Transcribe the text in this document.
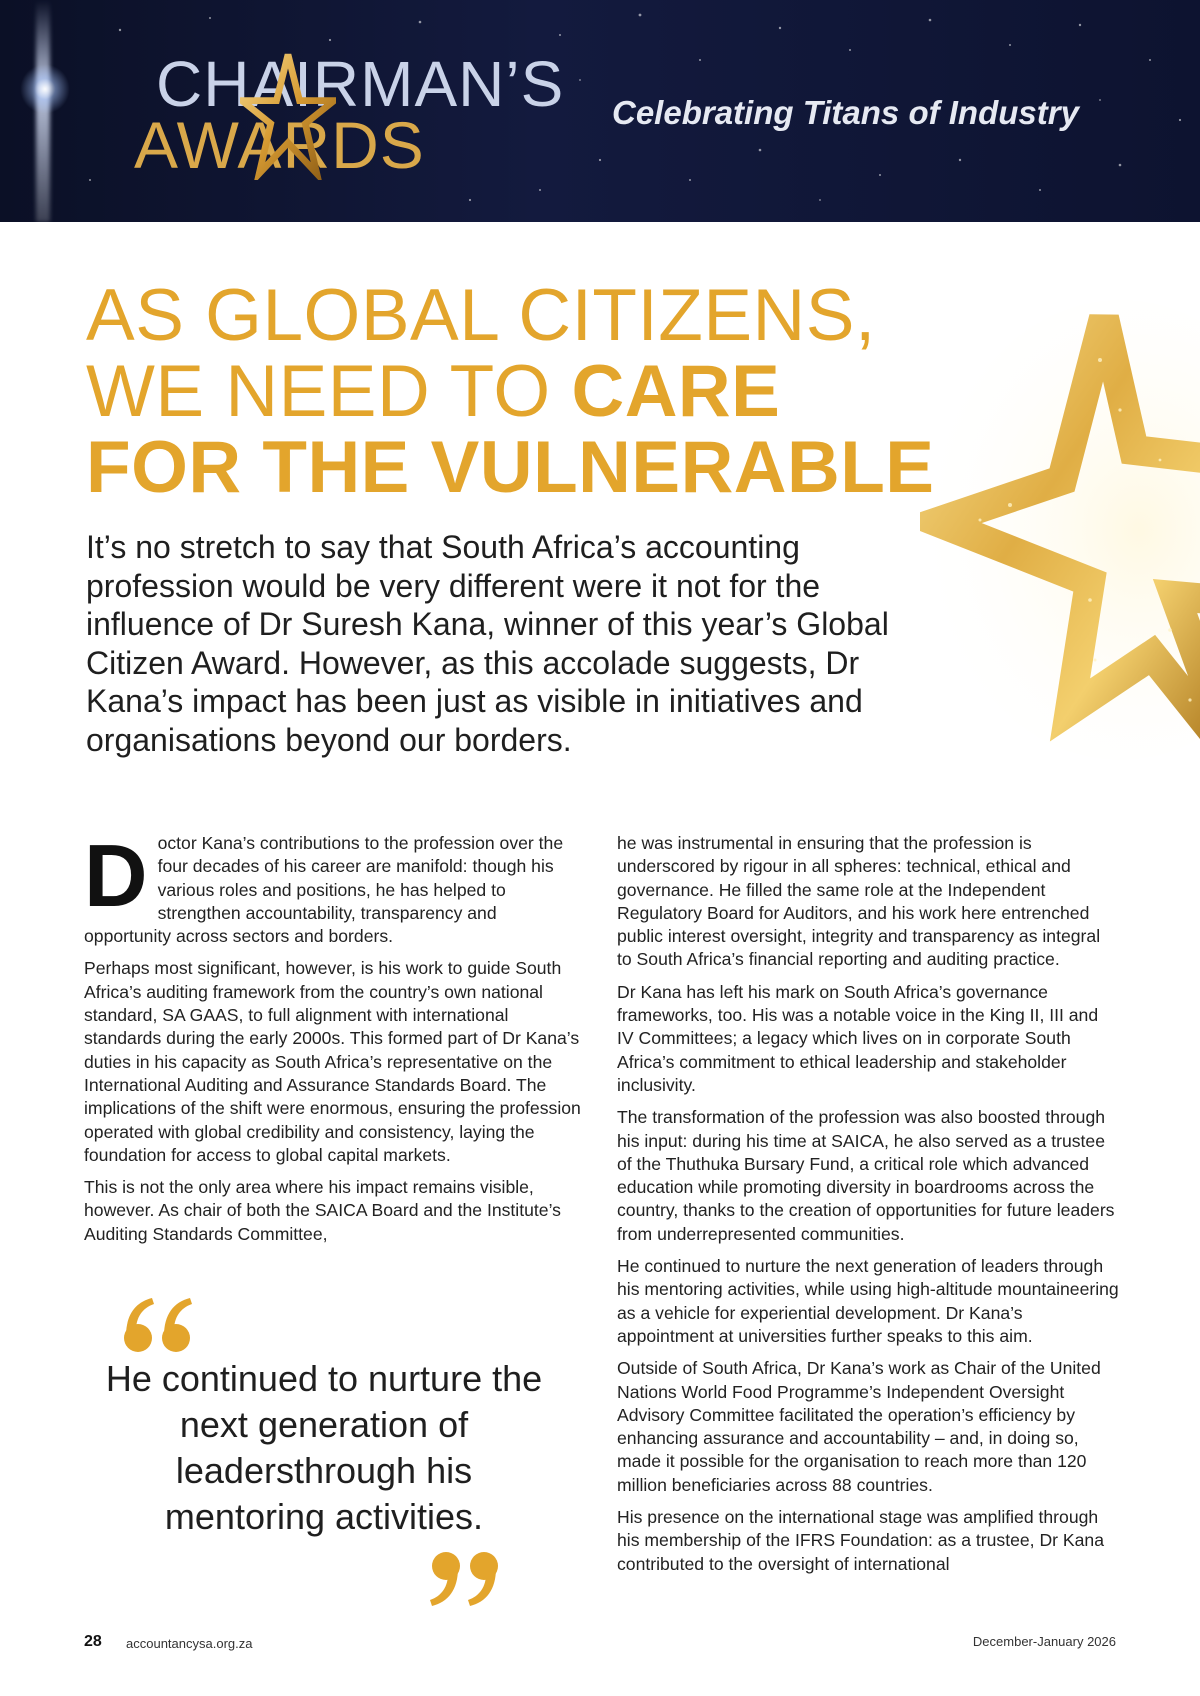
CHAIRMAN’S
AWARDS	Celebrating Titans of Industry
AS GLOBAL CITIZENS,
WE NEED TO CARE
FOR THE VULNERABLE
It’s no stretch to say that South Africa’s accounting profession would be very different were it not for the influence of Dr Suresh Kana, winner of this year’s Global Citizen Award. However, as this accolade suggests, Dr Kana’s impact has been just as visible in initiatives and organisations beyond our borders.

Doctor Kana’s contributions to the profession over the four decades of his career are manifold: though his various roles and positions, he has helped to strengthen accountability, transparency and opportunity across sectors and borders.

Perhaps most significant, however, is his work to guide South Africa’s auditing framework from the country’s own national standard, SA GAAS, to full alignment with international standards during the early 2000s. This formed part of Dr Kana’s duties in his capacity as South Africa’s representative on the International Auditing and Assurance Standards Board. The implications of the shift were enormous, ensuring the profession operated with global credibility and consistency, laying the foundation for access to global capital markets.

This is not the only area where his impact remains visible, however. As chair of both the SAICA Board and the Institute’s Auditing Standards Committee,

He continued to nurture the next generation of leadersthrough his mentoring activities.

he was instrumental in ensuring that the profession is underscored by rigour in all spheres: technical, ethical and governance. He filled the same role at the Independent Regulatory Board for Auditors, and his work here entrenched public interest oversight, integrity and transparency as integral to South Africa’s financial reporting and auditing practice.

Dr Kana has left his mark on South Africa’s governance frameworks, too. His was a notable voice in the King II, III and IV Committees; a legacy which lives on in corporate South Africa’s commitment to ethical leadership and stakeholder inclusivity.

The transformation of the profession was also boosted through his input: during his time at SAICA, he also served as a trustee of the Thuthuka Bursary Fund, a critical role which advanced education while promoting diversity in boardrooms across the country, thanks to the creation of opportunities for future leaders from underrepresented communities.

He continued to nurture the next generation of leaders through his mentoring activities, while using high-altitude mountaineering as a vehicle for experiential development. Dr Kana’s appointment at universities further speaks to this aim.

Outside of South Africa, Dr Kana’s work as Chair of the United Nations World Food Programme’s Independent Oversight Advisory Committee facilitated the operation’s efficiency by enhancing assurance and accountability – and, in doing so, made it possible for the organisation to reach more than 120 million beneficiaries across 88 countries.

His presence on the international stage was amplified through his membership of the IFRS Foundation: as a trustee, Dr Kana contributed to the oversight of international

28 accountancysa.org.za	December-January 2026
